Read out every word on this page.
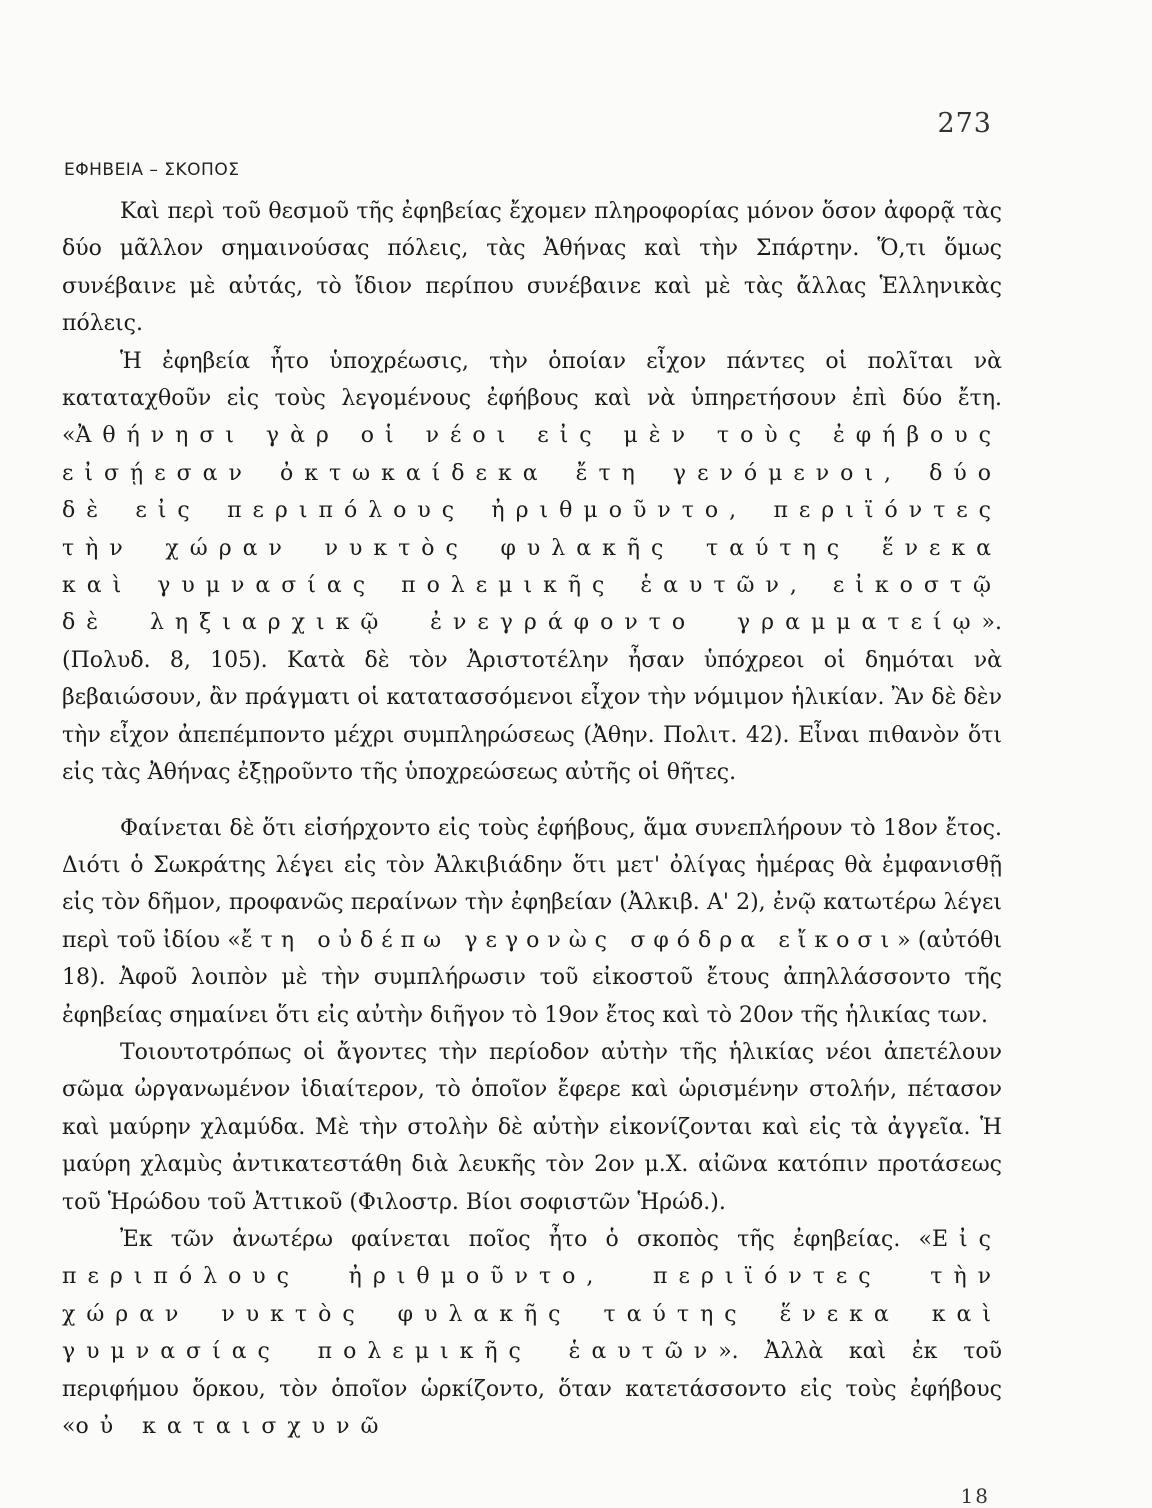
273
ΕΦΗΒΕΙΑ – ΣΚΟΠΟΣ

Καὶ περὶ τοῦ θεσμοῦ τῆς ἐφηβείας ἔχομεν πληροφορίας μόνον ὅσον ἀφορᾷ τὰς δύο μᾶλλον σημαινούσας πόλεις, τὰς Ἀθήνας καὶ τὴν Σπάρτην. Ὅ,τι ὅμως συνέβαινε μὲ αὐτάς, τὸ ἴδιον περίπου συνέβαινε καὶ μὲ τὰς ἄλλας Ἑλληνικὰς πόλεις.

Ἡ ἐφηβεία ἦτο ὑποχρέωσις, τὴν ὁποίαν εἶχον πάντες οἱ πολῖται νὰ καταταχθοῦν εἰς τοὺς λεγομένους ἐφήβους καὶ νὰ ὑπηρετήσουν ἐπὶ δύο ἔτη. «Ἀθήνησι γὰρ οἱ νέοι εἰς μὲν τοὺς ἐφήβους εἰσῄεσαν ὀκτωκαίδεκα ἔτη γενόμενοι, δύο δὲ εἰς περιπόλους ἠριθμοῦντο, περιϊόντες τὴν χώραν νυκτὸς φυλακῆς ταύτης ἕνεκα καὶ γυμνασίας πολεμικῆς ἑαυτῶν, εἰκοστῷ δὲ ληξιαρχικῷ ἐνεγράφοντο γραμματείῳ». (Πολυδ. 8, 105). Κατὰ δὲ τὸν Ἀριστοτέλην ἦσαν ὑπόχρεοι οἱ δημόται νὰ βεβαιώσουν, ἂν πράγματι οἱ κατατασσόμενοι εἶχον τὴν νόμιμον ἡλικίαν. Ἂν δὲ δὲν τὴν εἶχον ἀπεπέμποντο μέχρι συμπληρώσεως (Ἀθην. Πολιτ. 42). Εἶναι πιθανὸν ὅτι εἰς τὰς Ἀθήνας ἐξῃροῦντο τῆς ὑποχρεώσεως αὐτῆς οἱ θῆτες.

Φαίνεται δὲ ὅτι εἰσήρχοντο εἰς τοὺς ἐφήβους, ἅμα συνεπλήρουν τὸ 18ον ἔτος. Διότι ὁ Σωκράτης λέγει εἰς τὸν Ἀλκιβιάδην ὅτι μετ' ὀλίγας ἡμέρας θὰ ἐμφανισθῇ εἰς τὸν δῆμον, προφανῶς περαίνων τὴν ἐφηβείαν (Ἀλκιβ. Α' 2), ἐνῷ κατωτέρω λέγει περὶ τοῦ ἰδίου «ἔτη οὐδέπω γεγονὼς σφόδρα εἴκοσι» (αὐτόθι 18). Ἀφοῦ λοιπὸν μὲ τὴν συμπλήρωσιν τοῦ εἰκοστοῦ ἔτους ἀπηλλάσσοντο τῆς ἐφηβείας σημαίνει ὅτι εἰς αὐτὴν διῆγον τὸ 19ον ἔτος καὶ τὸ 20ον τῆς ἡλικίας των.

Τοιουτοτρόπως οἱ ἄγοντες τὴν περίοδον αὐτὴν τῆς ἡλικίας νέοι ἀπετέλουν σῶμα ὠργανωμένον ἰδιαίτερον, τὸ ὁποῖον ἔφερε καὶ ὡρισμένην στολήν, πέτασον καὶ μαύρην χλαμύδα. Μὲ τὴν στολὴν δὲ αὐτὴν εἰκονίζονται καὶ εἰς τὰ ἀγγεῖα. Ἡ μαύρη χλαμὺς ἀντικατεστάθη διὰ λευκῆς τὸν 2ον μ.Χ. αἰῶνα κατόπιν προτάσεως τοῦ Ἡρώδου τοῦ Ἀττικοῦ (Φιλοστρ. Βίοι σοφιστῶν Ἡρώδ.).

Ἐκ τῶν ἀνωτέρω φαίνεται ποῖος ἦτο ὁ σκοπὸς τῆς ἐφηβείας. «Εἰς περιπόλους ἠριθμοῦντο, περιϊόντες τὴν χώραν νυκτὸς φυλακῆς ταύτης ἕνεκα καὶ γυμνασίας πολεμικῆς ἑαυτῶν». Ἀλλὰ καὶ ἐκ τοῦ περιφήμου ὅρκου, τὸν ὁποῖον ὡρκίζοντο, ὅταν κατετάσσοντο εἰς τοὺς ἐφήβους «οὐ καταισχυνῶ

18
